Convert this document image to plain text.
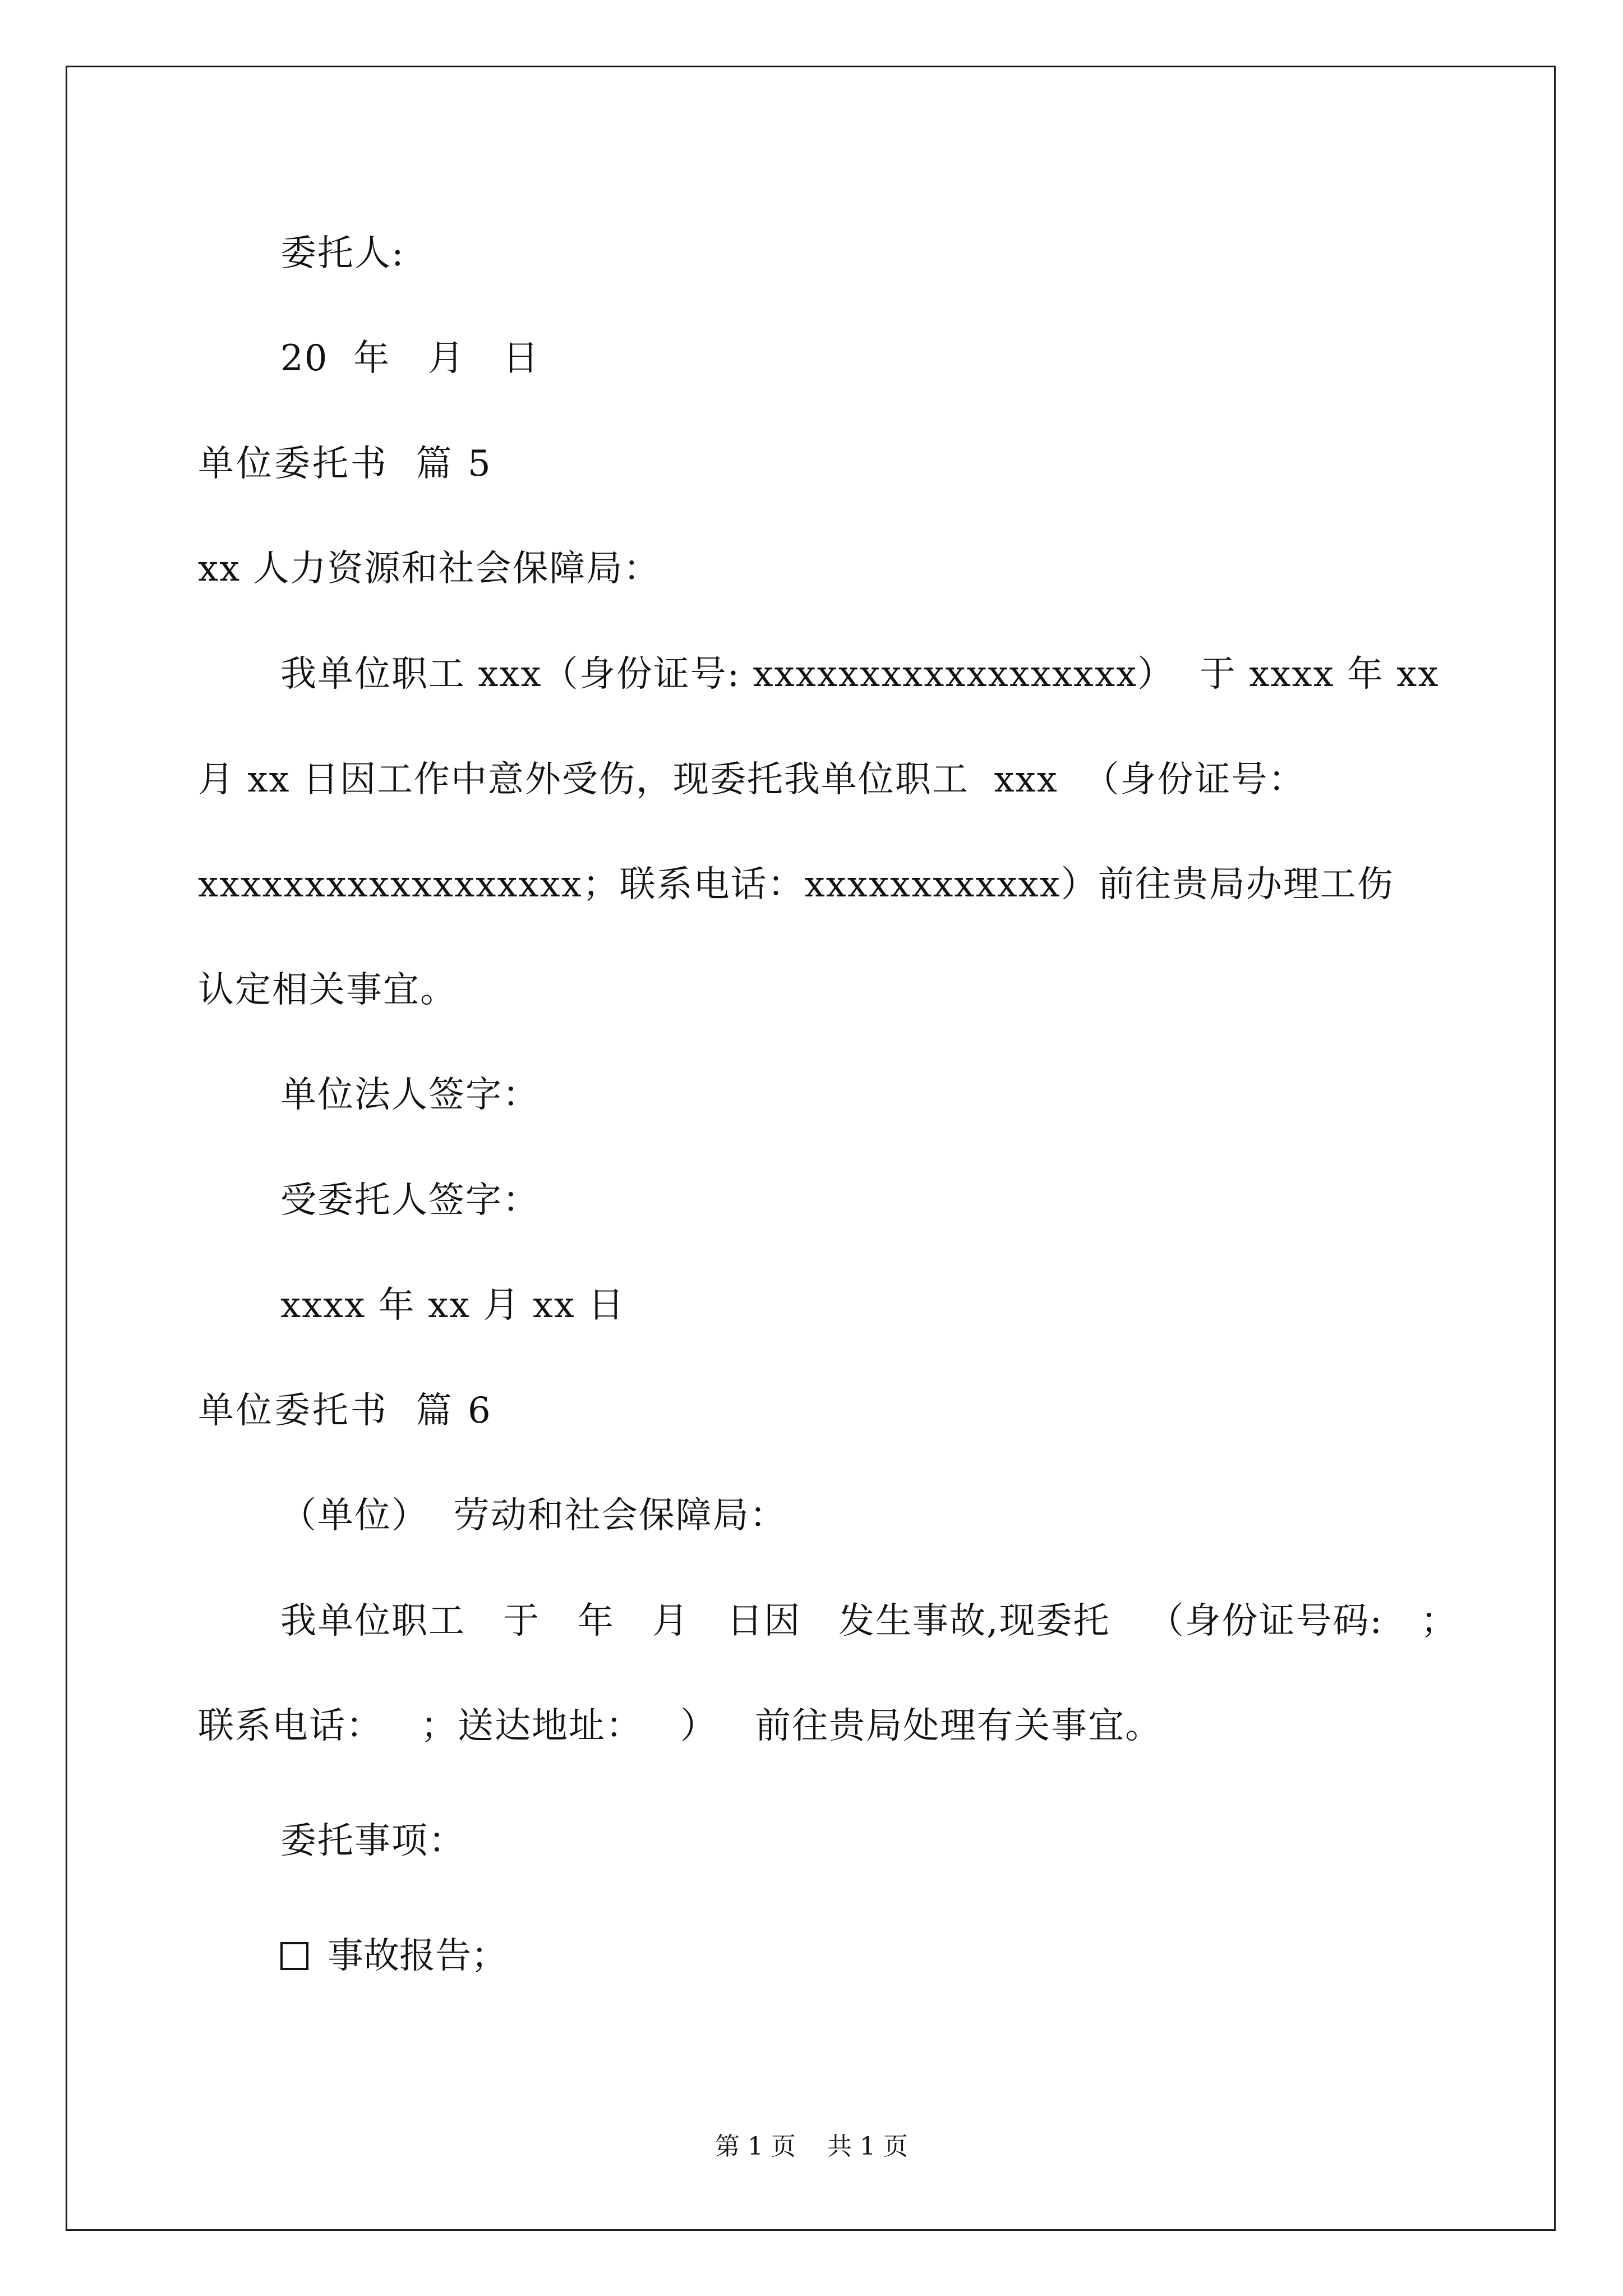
委托人:
20  年   月   日
单位委托书  篇 5
xx 人力资源和社会保障局：
我单位职工 xxx（身份证号: xxxxxxxxxxxxxxxxxx）  于 xxxx 年 xx
月 xx 日因工作中意外受伤，现委托我单位职工  xxx  （身份证号：
xxxxxxxxxxxxxxxxxx；联系电话：xxxxxxxxxxxx）前往贵局办理工伤
认定相关事宜。
单位法人签字：
受委托人签字：
xxxx 年 xx 月 xx 日
单位委托书  篇 6
（单位）  劳动和社会保障局：
我单位职工   于   年   月   日因   发生事故,现委托   （身份证号码:   ；
联系电话：   ；送达地址：   ）   前往贵局处理有关事宜。
委托事项：
事故报告；
第 1 页    共 1 页
